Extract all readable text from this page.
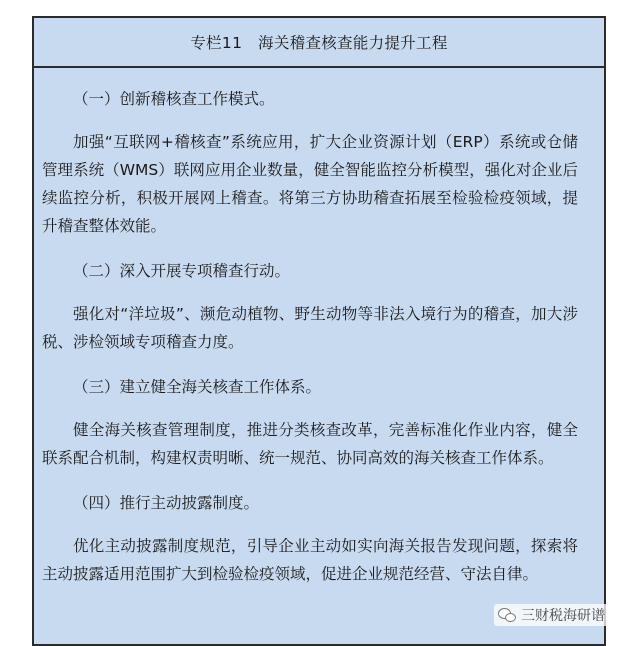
专栏11　海关稽查核查能力提升工程

（一）创新稽核查工作模式。

加强“互联网+稽核查”系统应用，扩大企业资源计划（ERP）系统或仓储管理系统（WMS）联网应用企业数量，健全智能监控分析模型，强化对企业后续监控分析，积极开展网上稽查。将第三方协助稽查拓展至检验检疫领域，提升稽查整体效能。

（二）深入开展专项稽查行动。

强化对“洋垃圾”、濒危动植物、野生动物等非法入境行为的稽查，加大涉税、涉检领域专项稽查力度。

（三）建立健全海关核查工作体系。

健全海关核查管理制度，推进分类核查改革，完善标准化作业内容，健全联系配合机制，构建权责明晰、统一规范、协同高效的海关核查工作体系。

（四）推行主动披露制度。

优化主动披露制度规范，引导企业主动如实向海关报告发现问题，探索将主动披露适用范围扩大到检验检疫领域，促进企业规范经营、守法自律。

三财税海研谱
